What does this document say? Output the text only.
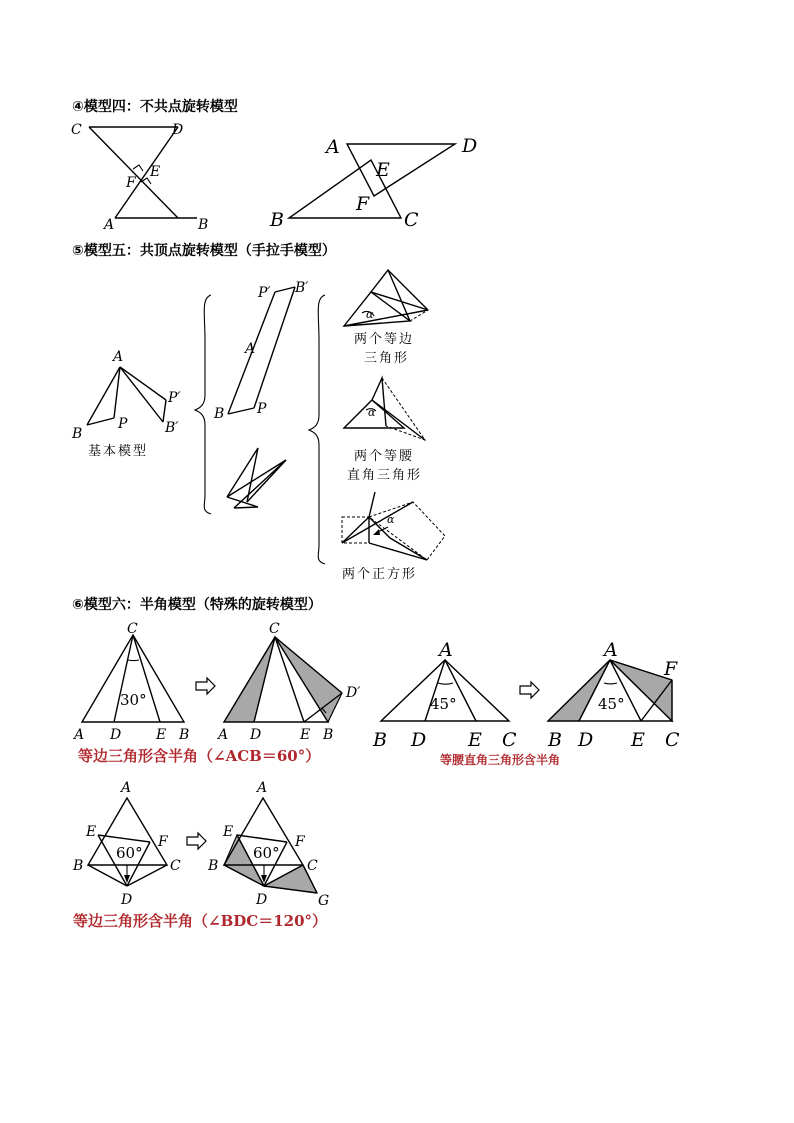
④模型四：不共点旋转模型
⑤模型五：共顶点旋转模型（手拉手模型）
⑥模型六：半角模型（特殊的旋转模型）
C	D
E
F
A	B
A	D
E
F
B	C
A
P
P′
B	B′
基本模型
P′ B′
A
B P
α
两个等边
三角形
α
两个等腰
直角三角形
α
两个正方形
C
30°
A D E B
C
D′
A D	E B
A
45°
B D E C
A
F
45°
B D E C
A
E
F
60°
B	C
D
A
E
F
60°
B	C
D	G
等边三角形含半角（∠ACB＝60°）	等腰直角三角形含半角
等边三角形含半角（∠BDC＝120°）
